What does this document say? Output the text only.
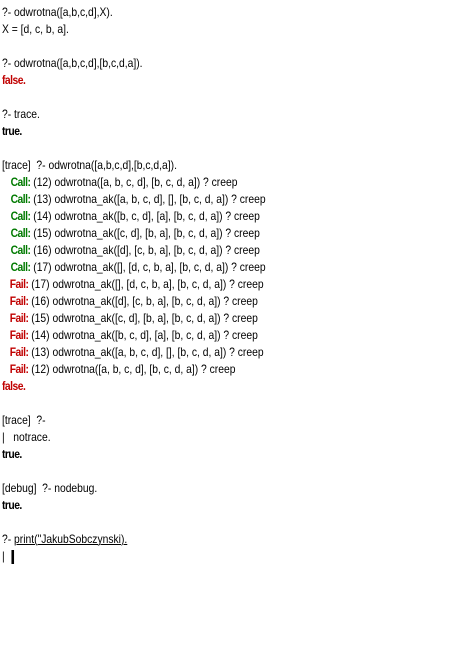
?- odwrotna([a,b,c,d],X).
X = [d, c, b, a].
?- odwrotna([a,b,c,d],[b,c,d,a]).
false.
?- trace.
true.
[trace]  ?- odwrotna([a,b,c,d],[b,c,d,a]).
Call: (12) odwrotna([a, b, c, d], [b, c, d, a]) ? creep
Call: (13) odwrotna_ak([a, b, c, d], [], [b, c, d, a]) ? creep
Call: (14) odwrotna_ak([b, c, d], [a], [b, c, d, a]) ? creep
Call: (15) odwrotna_ak([c, d], [b, a], [b, c, d, a]) ? creep
Call: (16) odwrotna_ak([d], [c, b, a], [b, c, d, a]) ? creep
Call: (17) odwrotna_ak([], [d, c, b, a], [b, c, d, a]) ? creep
Fail: (17) odwrotna_ak([], [d, c, b, a], [b, c, d, a]) ? creep
Fail: (16) odwrotna_ak([d], [c, b, a], [b, c, d, a]) ? creep
Fail: (15) odwrotna_ak([c, d], [b, a], [b, c, d, a]) ? creep
Fail: (14) odwrotna_ak([b, c, d], [a], [b, c, d, a]) ? creep
Fail: (13) odwrotna_ak([a, b, c, d], [], [b, c, d, a]) ? creep
Fail: (12) odwrotna([a, b, c, d], [b, c, d, a]) ? creep
false.
[trace]  ?-
|   notrace.
true.
[debug]  ?- nodebug.
true.
?- print("JakubSobczynski).
|
